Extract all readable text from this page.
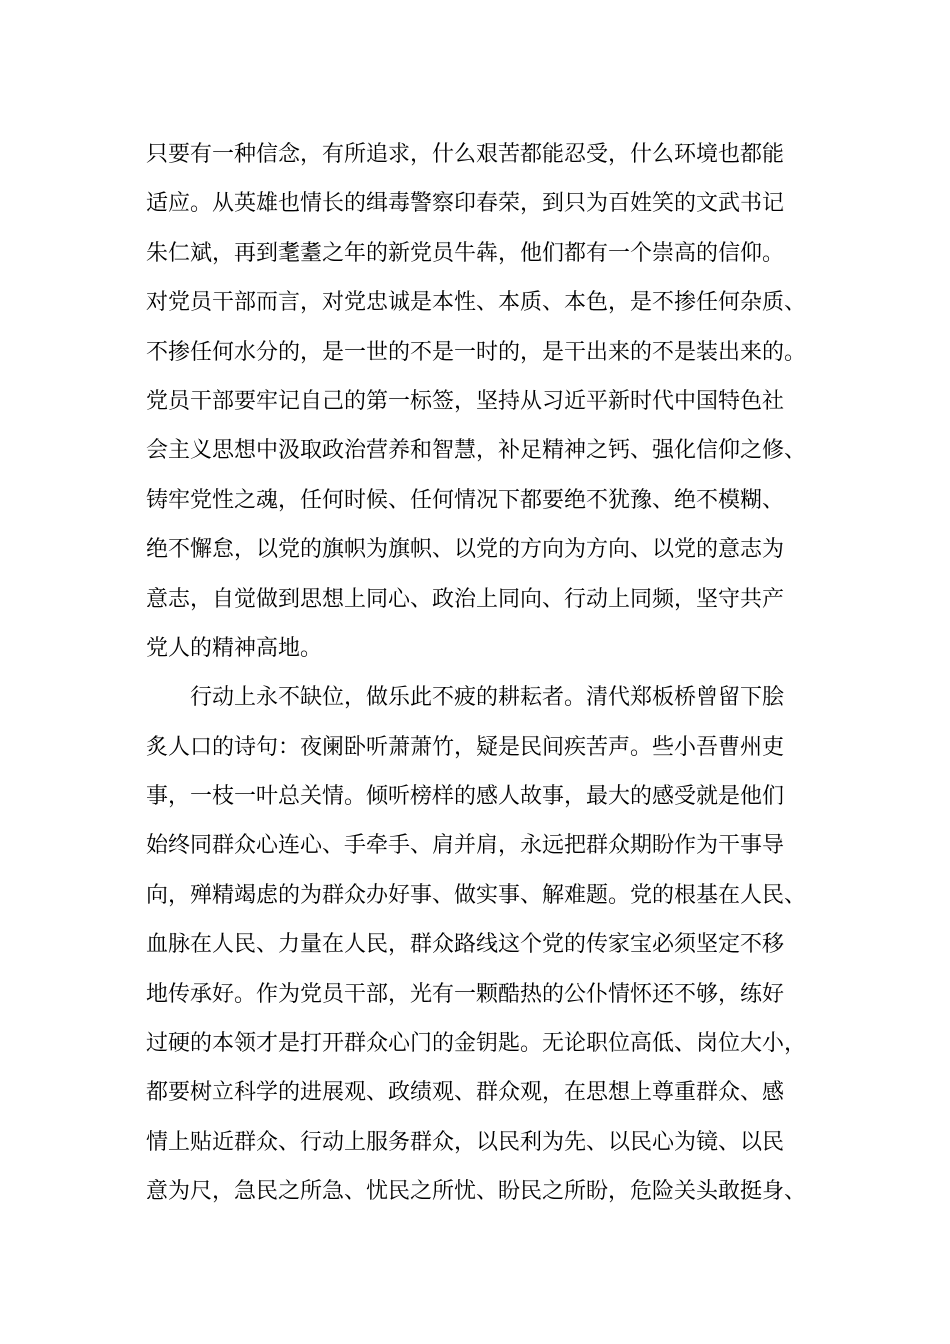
只要有一种信念，有所追求，什么艰苦都能忍受，什么环境也都能
适应。从英雄也情长的缉毒警察印春荣，到只为百姓笑的文武书记
朱仁斌，再到耄耋之年的新党员牛犇，他们都有一个崇高的信仰。
对党员干部而言，对党忠诚是本性、本质、本色，是不掺任何杂质、
不掺任何水分的，是一世的不是一时的，是干出来的不是装出来的。
党员干部要牢记自己的第一标签，坚持从习近平新时代中国特色社
会主义思想中汲取政治营养和智慧，补足精神之钙、强化信仰之修、
铸牢党性之魂，任何时候、任何情况下都要绝不犹豫、绝不模糊、
绝不懈怠，以党的旗帜为旗帜、以党的方向为方向、以党的意志为
意志，自觉做到思想上同心、政治上同向、行动上同频，坚守共产
党人的精神高地。
行动上永不缺位，做乐此不疲的耕耘者。清代郑板桥曾留下脍
炙人口的诗句：夜阑卧听萧萧竹，疑是民间疾苦声。些小吾曹州吏
事，一枝一叶总关情。倾听榜样的感人故事，最大的感受就是他们
始终同群众心连心、手牵手、肩并肩，永远把群众期盼作为干事导
向，殚精竭虑的为群众办好事、做实事、解难题。党的根基在人民、
血脉在人民、力量在人民，群众路线这个党的传家宝必须坚定不移
地传承好。作为党员干部，光有一颗酷热的公仆情怀还不够，练好
过硬的本领才是打开群众心门的金钥匙。无论职位高低、岗位大小，
都要树立科学的进展观、政绩观、群众观，在思想上尊重群众、感
情上贴近群众、行动上服务群众，以民利为先、以民心为镜、以民
意为尺，急民之所急、忧民之所忧、盼民之所盼，危险关头敢挺身、
